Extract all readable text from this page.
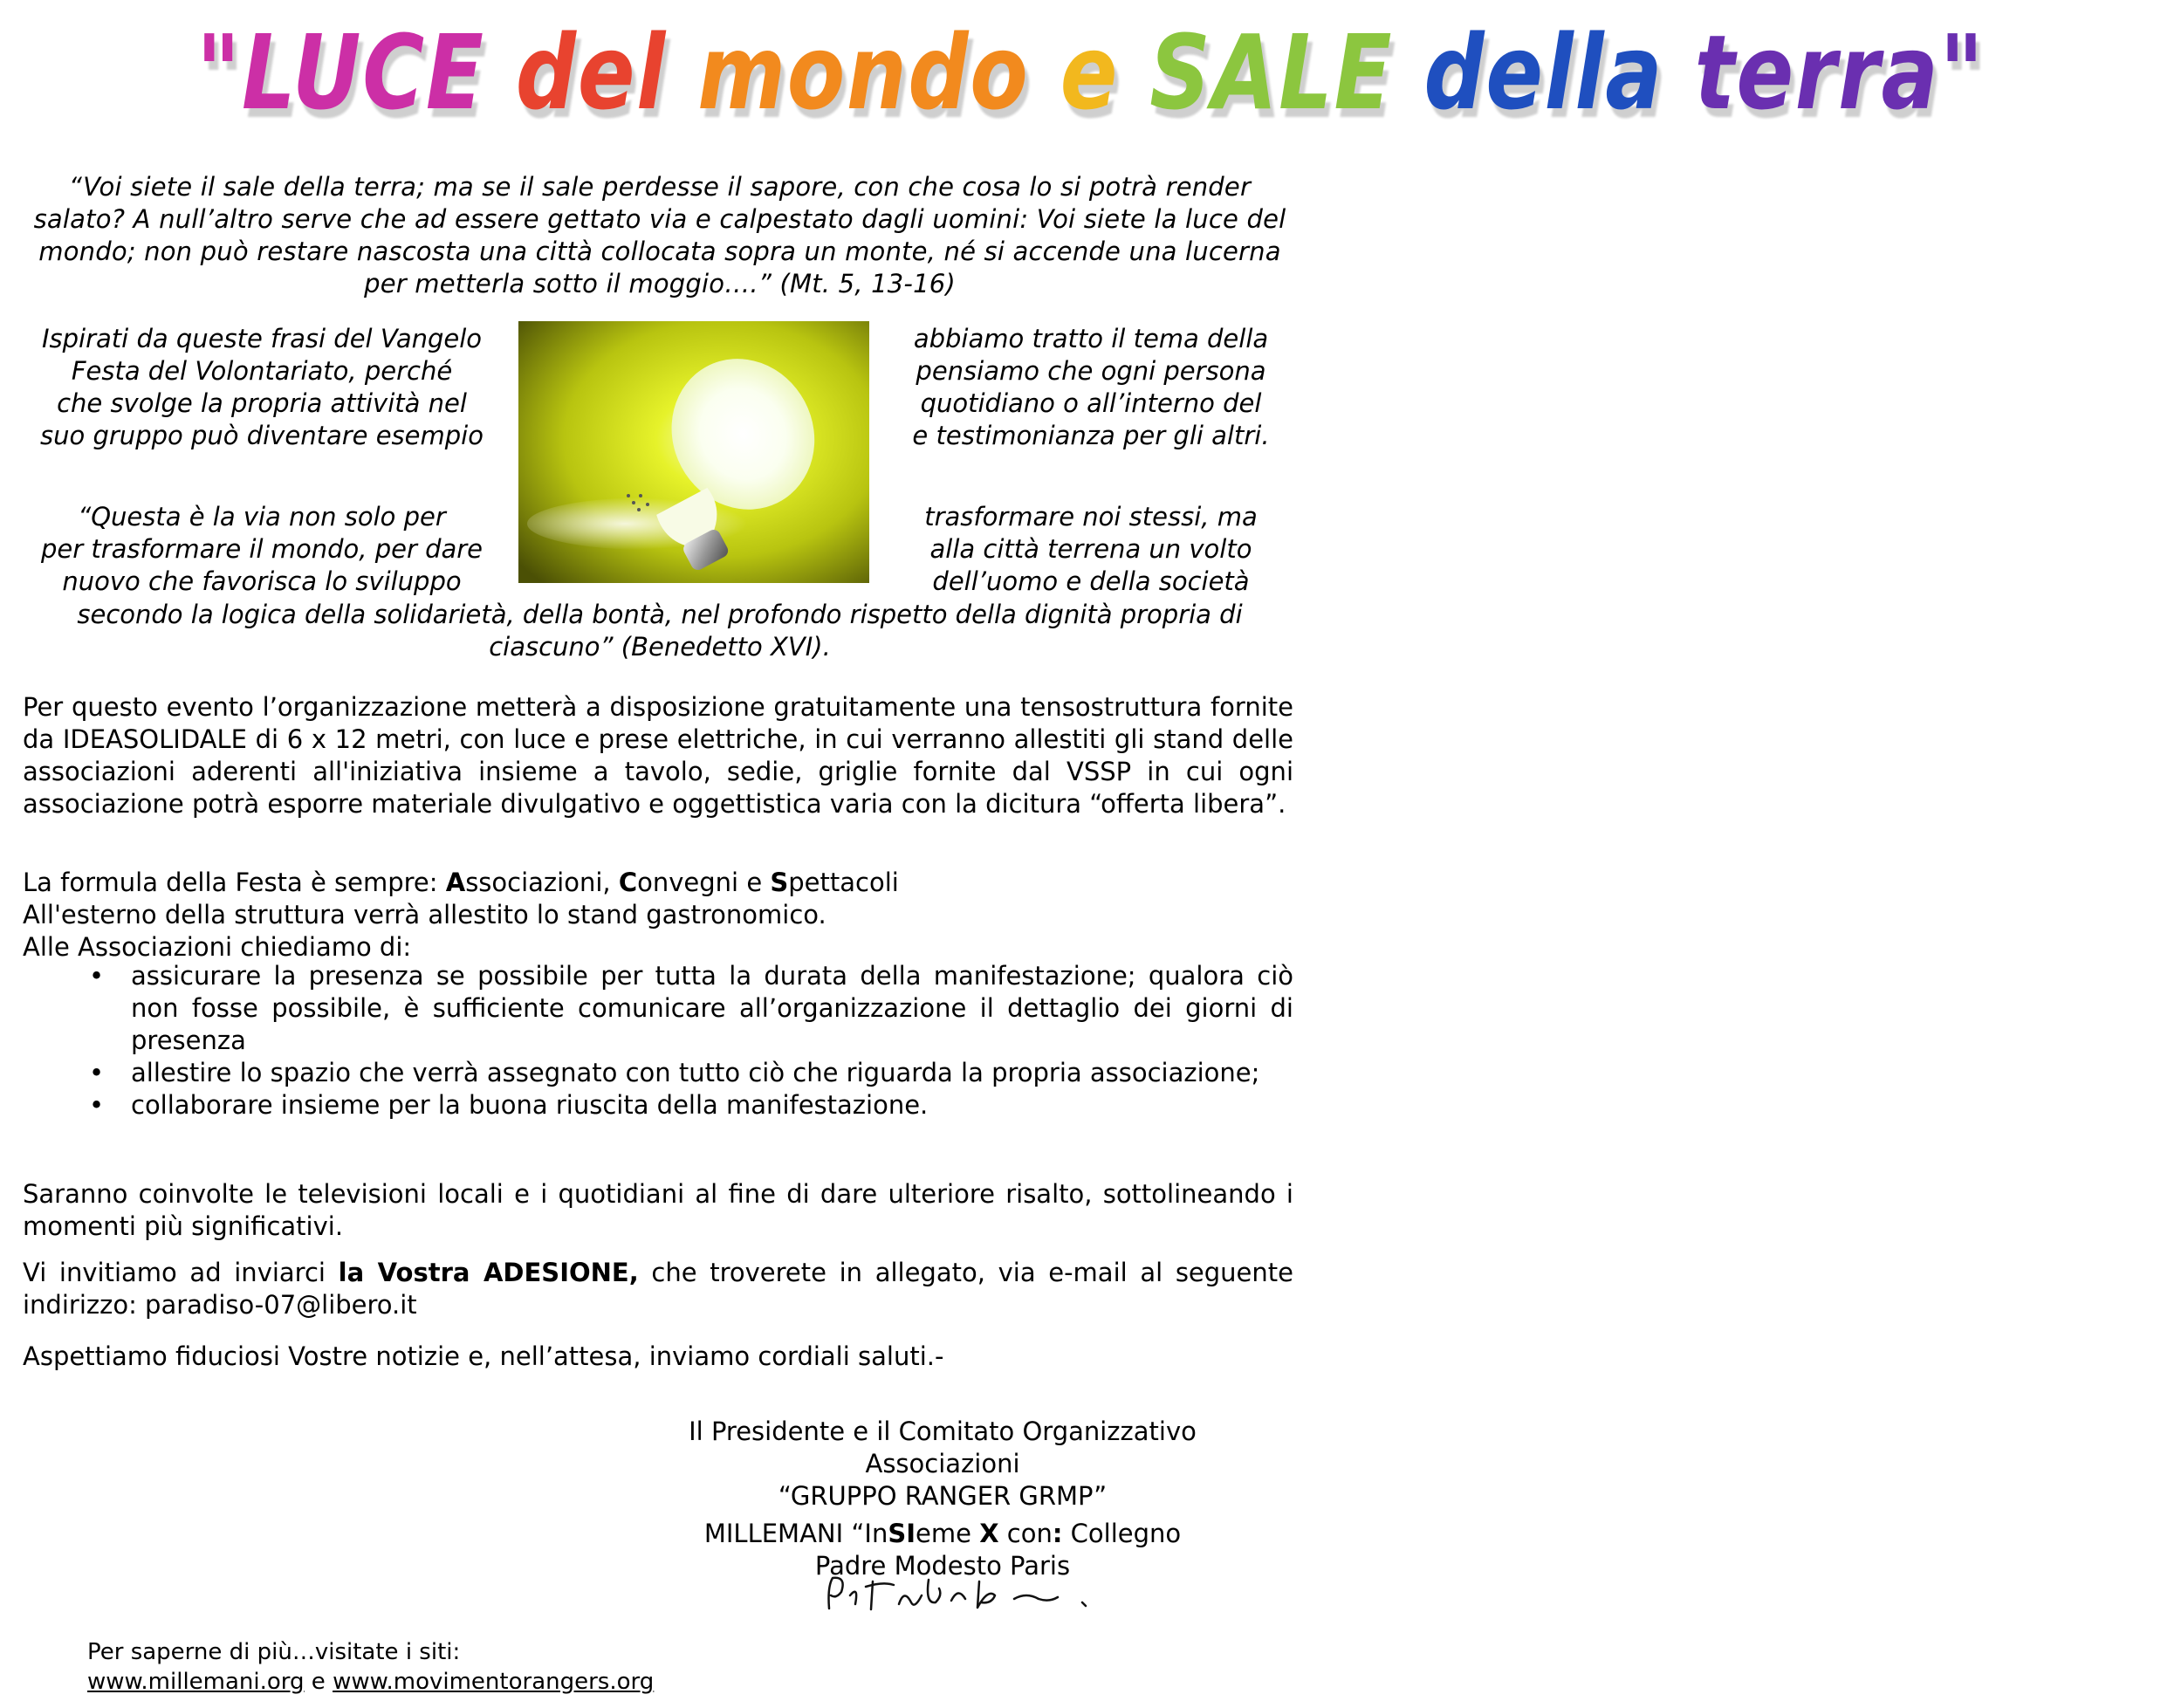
"LUCE del mondo e SALE della terra"
“Voi siete il sale della terra; ma se il sale perdesse il sapore, con che cosa lo si potrà render salato? A null’altro serve che ad essere gettato via e calpestato dagli uomini: Voi siete la luce del mondo; non può restare nascosta una città collocata sopra un monte, né si accende una lucerna per metterla sotto il moggio….” (Mt. 5, 13-16)
Ispirati da queste frasi del Vangelo
Festa del Volontariato, perché
che svolge la propria attività nel
suo gruppo può diventare esempio
abbiamo tratto il tema della
pensiamo che ogni persona
quotidiano o all’interno del
e testimonianza per gli altri.
“Questa è la via non solo per
per trasformare il mondo, per dare
nuovo che favorisca lo sviluppo
trasformare noi stessi, ma
alla città terrena un volto
dell’uomo e della società
secondo la logica della solidarietà, della bontà, nel profondo rispetto della dignità propria di ciascuno” (Benedetto XVI).
Per questo evento l’organizzazione metterà a disposizione gratuitamente una tensostruttura fornite da IDEASOLIDALE di 6 x 12 metri, con luce e prese elettriche, in cui verranno allestiti gli stand delle associazioni aderenti all'iniziativa insieme a tavolo, sedie, griglie fornite dal VSSP in cui ogni associazione potrà esporre materiale divulgativo e oggettistica varia con la dicitura “offerta libera”.
La formula della Festa è sempre: Associazioni, Convegni e Spettacoli
All'esterno della struttura verrà allestito lo stand gastronomico.
Alle Associazioni chiediamo di:
• assicurare la presenza se possibile per tutta la durata della manifestazione; qualora ciò non fosse possibile, è sufficiente comunicare all’organizzazione il dettaglio dei giorni di presenza
• allestire lo spazio che verrà assegnato con tutto ciò che riguarda la propria associazione;
• collaborare insieme per la buona riuscita della manifestazione.
Saranno coinvolte le televisioni locali e i quotidiani al fine di dare ulteriore risalto, sottolineando i momenti più significativi.
Vi invitiamo ad inviarci la Vostra ADESIONE, che troverete in allegato, via e-mail al seguente indirizzo: paradiso-07@libero.it
Aspettiamo fiduciosi Vostre notizie e, nell’attesa, inviamo cordiali saluti.-
Il Presidente e il Comitato Organizzativo
Associazioni
“GRUPPO RANGER GRMP”
MILLEMANI “InSIeme X con: Collegno
Padre Modesto Paris
Per saperne di più…visitate i siti:
www.millemani.org e www.movimentorangers.org
